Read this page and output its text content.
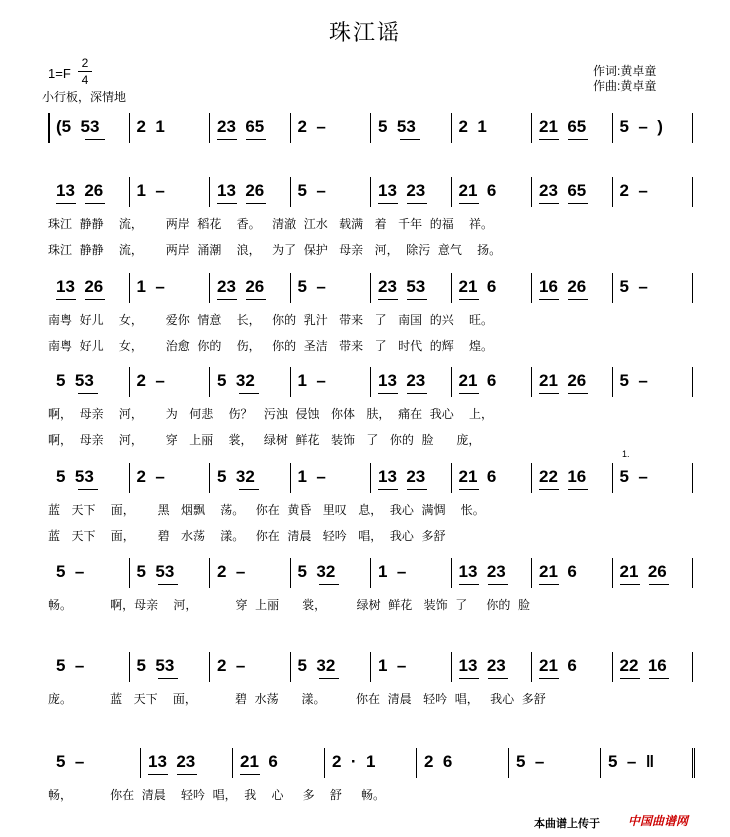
珠江谣
1=F
2
4
小行板，深情地
作词:黄卓童
作曲:黄卓童
(5  53 2  1	23  65 2  –	5  53	2  1	21  65 5  –  )
13  26 1  –	13  26 5  –	13  23 21  6	23  65 2  –
珠江  静静    流，      两岸  稻花    香。   清澈  江水   载满   着   千年  的福    祥。
珠江  静静    流，      两岸  涌潮    浪，   为了  保护   母亲   河，  除污  意气    扬。
13  26 1  –	23  26 5  –	23  53 21  6	16  26 5  –
南粤  好儿    女，      爱你  情意    长，   你的  乳汁   带来   了   南国  的兴    旺。
南粤  好儿    女，      治愈  你的    伤，   你的  圣洁   带来   了   时代  的辉    煌。
5  53	2  –	5  32	1  –	13  23 21  6	21  26 5  –
啊，  母亲    河，      为   何悲    伤？   污浊  侵蚀   你体   肤，  痛在  我心    上，
啊，  母亲    河，      穿   上丽    裳，   绿树  鲜花   装饰   了   你的  脸      庞，
5  53	2  –	5  32	1  –	13  23 21  6	22  16 5  –
蓝   天下    面，      黑   烟飘    荡。   你在  黄昏   里叹   息，  我心  满惆    怅。
蓝   天下    面，      碧   水荡    漾。   你在  清晨   轻吟   唱，  我心  多舒
5  –	5  53	2  –	5  32	1  –	13  23 21  6	21  26
畅。          啊，母亲    河，          穿  上丽      裳，        绿树  鲜花   装饰  了     你的  脸
5  –	5  53	2  –	5  32	1  –	13  23 21  6	22  16
庞。          蓝   天下    面，          碧  水荡      漾。        你在  清晨   轻吟  唱，   我心  多舒
5  –	13  23	21  6	2  ·  1	2  6	5  –	5  –  ‖
畅，          你在  清晨    轻吟  唱，  我    心     多    舒     畅。
1.
本曲谱上传于 中国曲谱网
